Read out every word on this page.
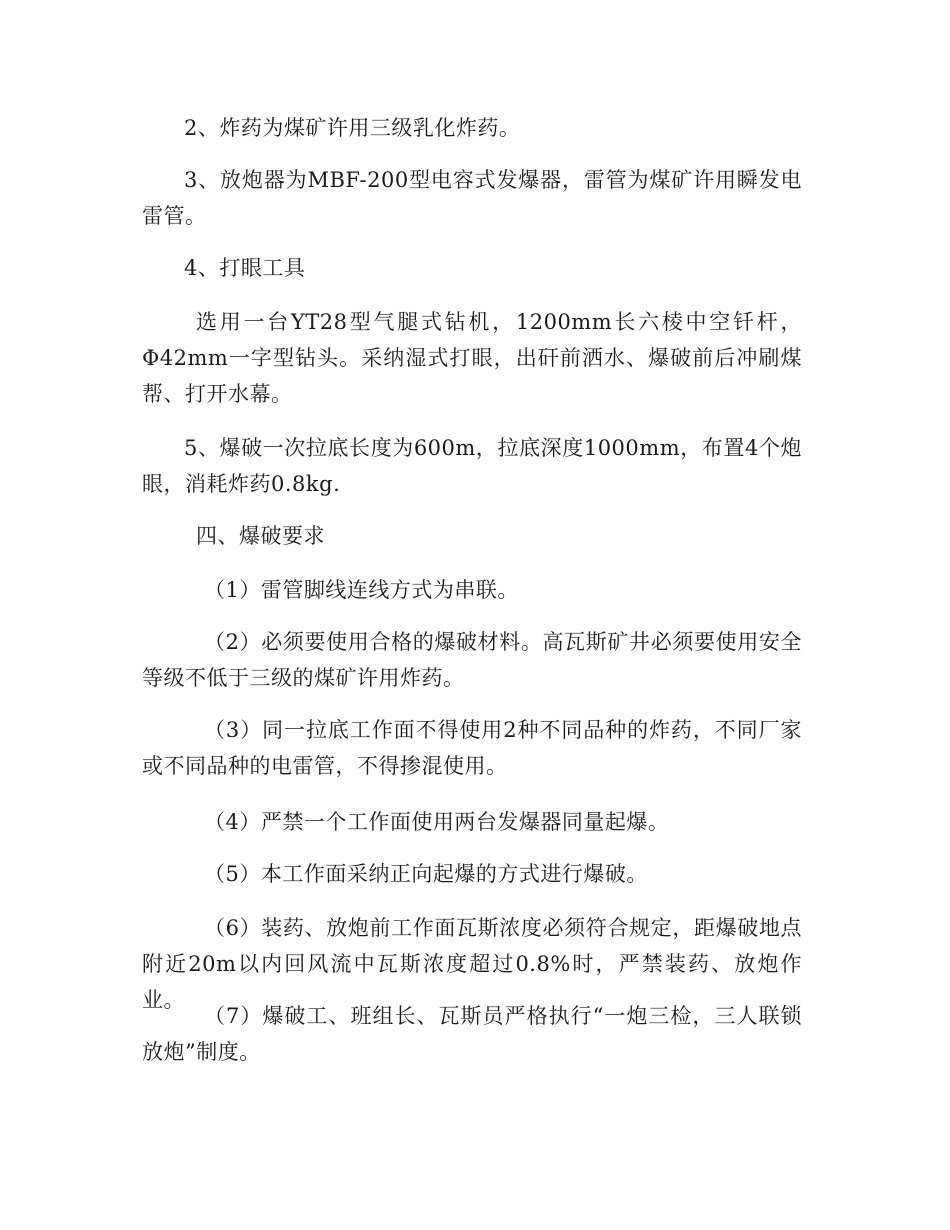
2、炸药为煤矿许用三级乳化炸药。

3、放炮器为MBF-200型电容式发爆器，雷管为煤矿许用瞬发电雷管。

4、打眼工具

选用一台YT28型气腿式钻机，1200mm长六棱中空钎杆，Φ42mm一字型钻头。采纳湿式打眼，出矸前洒水、爆破前后冲刷煤帮、打开水幕。

5、爆破一次拉底长度为600m，拉底深度1000mm，布置4个炮眼，消耗炸药0.8kg.

四、爆破要求

（1）雷管脚线连线方式为串联。

（2）必须要使用合格的爆破材料。高瓦斯矿井必须要使用安全等级不低于三级的煤矿许用炸药。

（3）同一拉底工作面不得使用2种不同品种的炸药，不同厂家或不同品种的电雷管，不得掺混使用。

（4）严禁一个工作面使用两台发爆器同量起爆。

（5）本工作面采纳正向起爆的方式进行爆破。

（6）装药、放炮前工作面瓦斯浓度必须符合规定，距爆破地点附近20m以内回风流中瓦斯浓度超过0.8%时，严禁装药、放炮作业。

（7）爆破工、班组长、瓦斯员严格执行“一炮三检，三人联锁放炮”制度。
